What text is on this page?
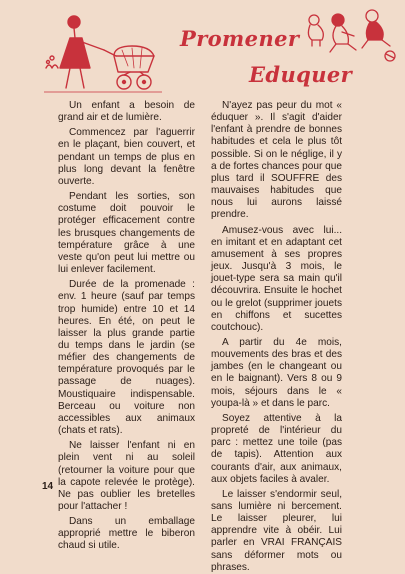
Promener
Eduquer

Un enfant a besoin de grand air et de lumière.

Commencez par l'aguerrir en le plaçant, bien couvert, et pendant un temps de plus en plus long devant la fenêtre ouverte.

Pendant les sorties, son costume doit pouvoir le protéger efficacement contre les brusques changements de température grâce à une veste qu'on peut lui mettre ou lui enlever facilement.

Durée de la promenade : env. 1 heure (sauf par temps trop humide) entre 10 et 14 heures. En été, on peut le laisser la plus grande partie du temps dans le jardin (se méfier des changements de température provoqués par le passage de nuages). Moustiquaire indispensable. Berceau ou voiture non accessibles aux animaux (chats et rats).

Ne laisser l'enfant ni en plein vent ni au soleil (retourner la voiture pour que la capote relevée le protège). Ne pas oublier les bretelles pour l'attacher !

Dans un emballage approprié mettre le biberon chaud si utile.

N'ayez pas peur du mot « éduquer ». Il s'agit d'aider l'enfant à prendre de bonnes habitudes et cela le plus tôt possible. Si on le néglige, il y a de fortes chances pour que plus tard il SOUFFRE des mauvaises habitudes que nous lui aurons laissé prendre.

Amusez-vous avec lui... en imitant et en adaptant cet amusement à ses propres jeux. Jusqu'à 3 mois, le jouet-type sera sa main qu'il découvrira. Ensuite le hochet ou le grelot (supprimer jouets en chiffons et sucettes coutchouc).

A partir du 4e mois, mouvements des bras et des jambes (en le changeant ou en le baignant). Vers 8 ou 9 mois, séjours dans le « youpa-là » et dans le parc.

Soyez attentive à la propreté de l'intérieur du parc : mettez une toile (pas de tapis). Attention aux courants d'air, aux animaux, aux objets faciles à avaler.

Le laisser s'endormir seul, sans lumière ni bercement. Le laisser pleurer, lui apprendre vite à obéir. Lui parler en VRAI FRANÇAIS sans déformer mots ou phrases.

14
